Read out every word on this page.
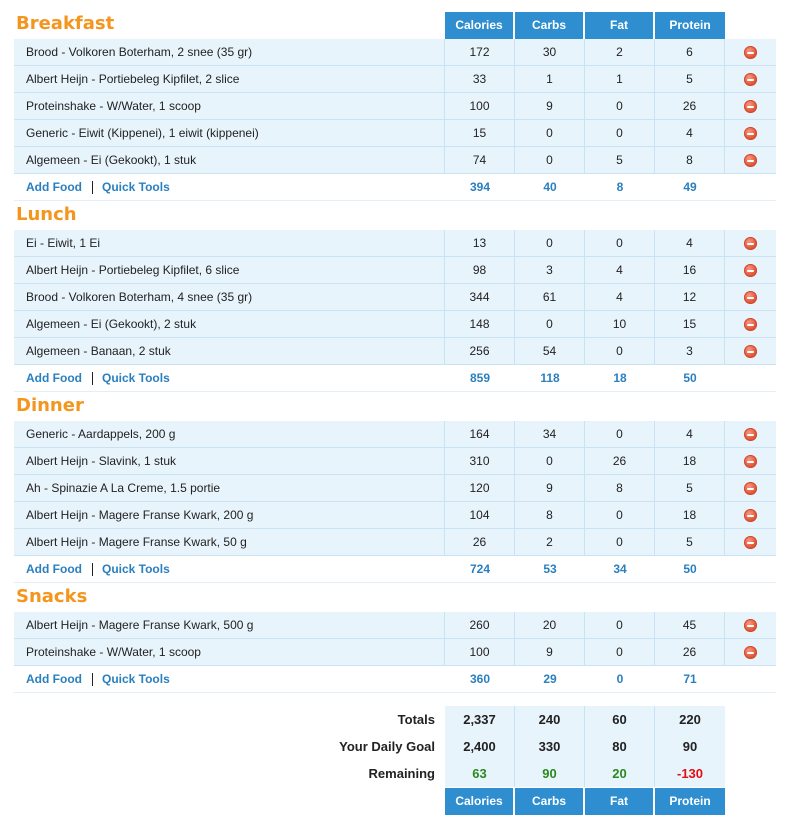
Calories	Carbs	Fat	Protein
Breakfast
Brood - Volkoren Boterham, 2 snee (35 gr)	172	30	2	6
Albert Heijn - Portiebeleg Kipfilet, 2 slice	33	1	1	5
Proteinshake - W/Water, 1 scoop	100	9	0	26
Generic - Eiwit (Kippenei), 1 eiwit (kippenei)	15	0	0	4
Algemeen - Ei (Gekookt), 1 stuk	74	0	5	8
Add Food Quick Tools	394	40	8	49
Lunch
Ei - Eiwit, 1 Ei	13	0	0	4
Albert Heijn - Portiebeleg Kipfilet, 6 slice	98	3	4	16
Brood - Volkoren Boterham, 4 snee (35 gr)	344	61	4	12
Algemeen - Ei (Gekookt), 2 stuk	148	0	10	15
Algemeen - Banaan, 2 stuk	256	54	0	3
Add Food Quick Tools	859	118	18	50
Dinner
Generic - Aardappels, 200 g	164	34	0	4
Albert Heijn - Slavink, 1 stuk	310	0	26	18
Ah - Spinazie A La Creme, 1.5 portie	120	9	8	5
Albert Heijn - Magere Franse Kwark, 200 g	104	8	0	18
Albert Heijn - Magere Franse Kwark, 50 g	26	2	0	5
Add Food Quick Tools	724	53	34	50
Snacks
Albert Heijn - Magere Franse Kwark, 500 g	260	20	0	45
Proteinshake - W/Water, 1 scoop	100	9	0	26
Add Food Quick Tools	360	29	0	71
Totals	2,337	240	60	220
Your Daily Goal	2,400	330	80	90
Remaining	63	90	20	-130
Calories	Carbs	Fat	Protein
